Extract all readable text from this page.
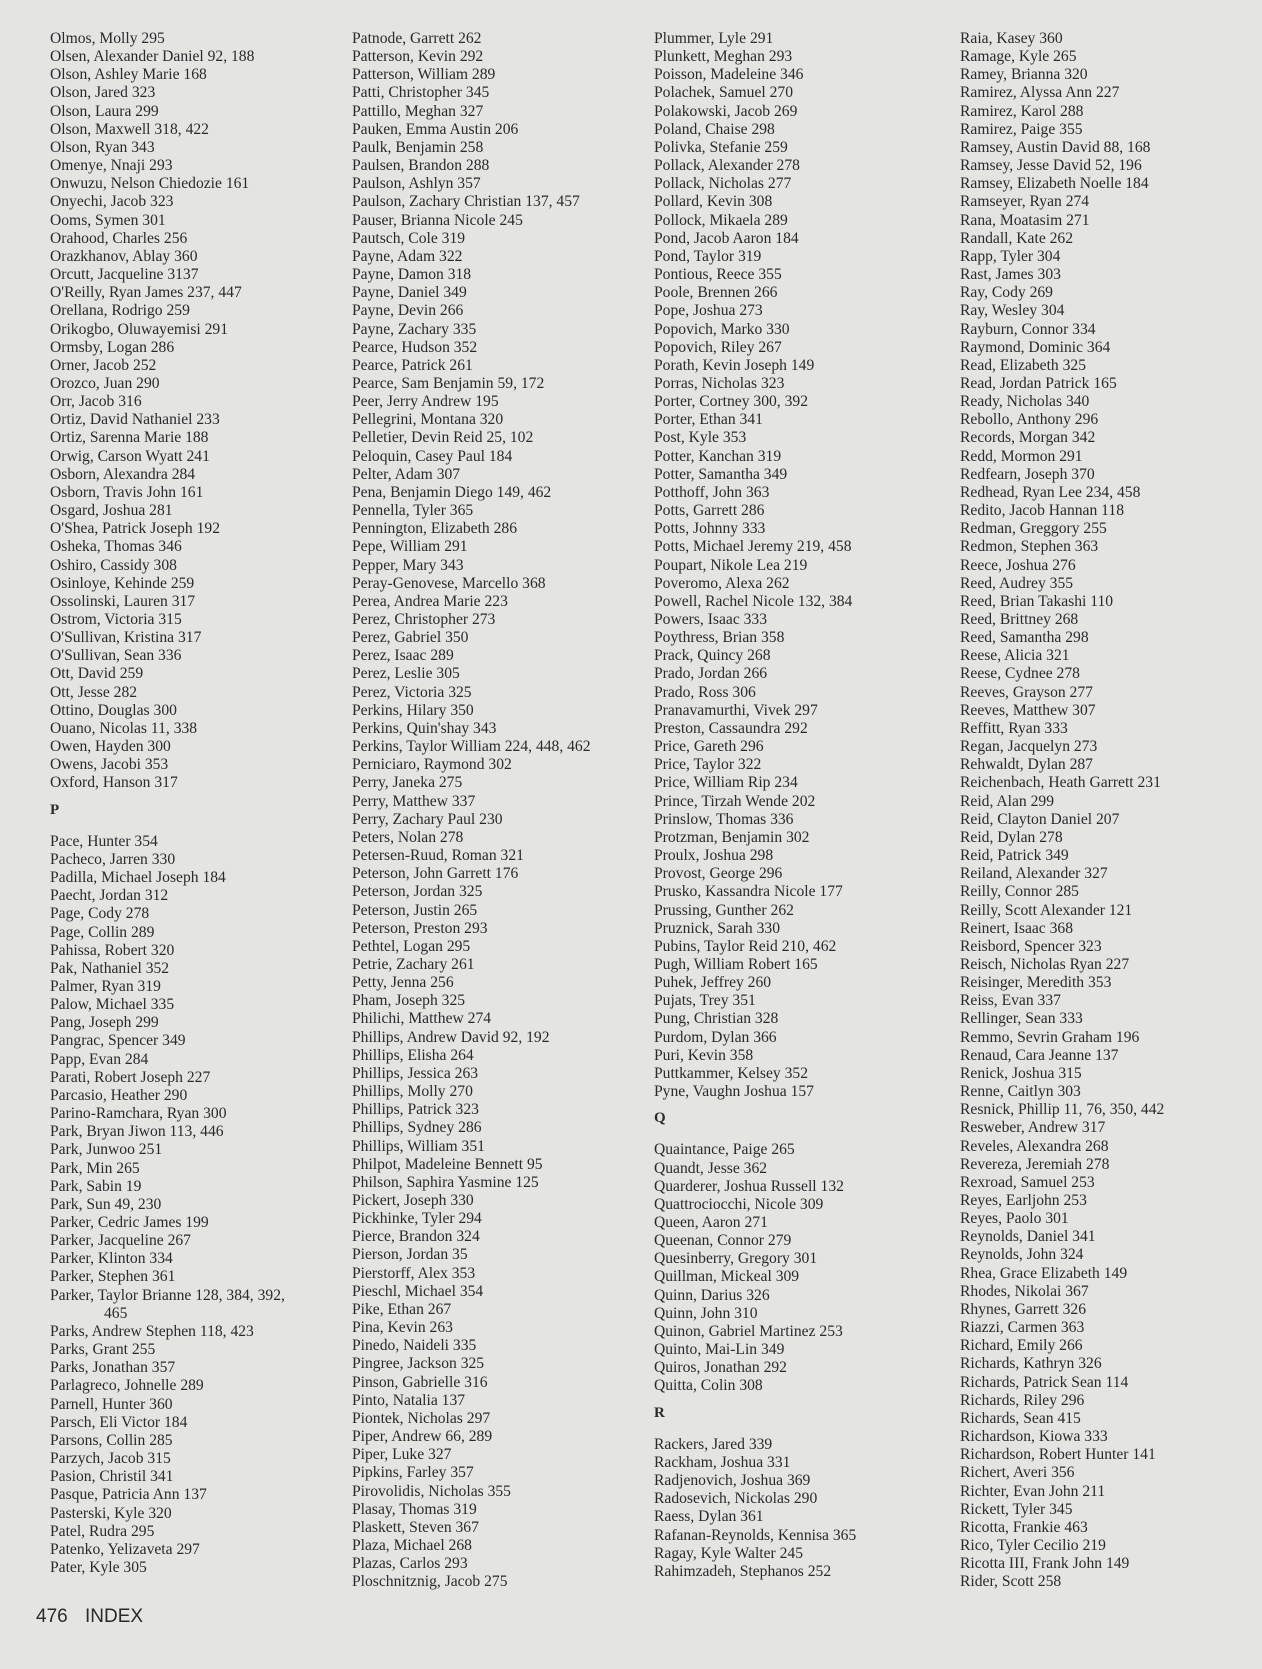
Olmos, Molly 295
Olsen, Alexander Daniel 92, 188
Olson, Ashley Marie 168
Olson, Jared 323
Olson, Laura 299
Olson, Maxwell 318, 422
Olson, Ryan 343
Omenye, Nnaji 293
Onwuzu, Nelson Chiedozie 161
Onyechi, Jacob 323
Ooms, Symen 301
Orahood, Charles 256
Orazkhanov, Ablay 360
Orcutt, Jacqueline 3137
O'Reilly, Ryan James 237, 447
Orellana, Rodrigo 259
Orikogbo, Oluwayemisi 291
Ormsby, Logan 286
Orner, Jacob 252
Orozco, Juan 290
Orr, Jacob 316
Ortiz, David Nathaniel 233
Ortiz, Sarenna Marie 188
Orwig, Carson Wyatt 241
Osborn, Alexandra 284
Osborn, Travis John 161
Osgard, Joshua 281
O'Shea, Patrick Joseph 192
Osheka, Thomas 346
Oshiro, Cassidy 308
Osinloye, Kehinde 259
Ossolinski, Lauren 317
Ostrom, Victoria 315
O'Sullivan, Kristina 317
O'Sullivan, Sean 336
Ott, David 259
Ott, Jesse 282
Ottino, Douglas 300
Ouano, Nicolas 11, 338
Owen, Hayden 300
Owens, Jacobi 353
Oxford, Hanson 317
P
Pace, Hunter 354
Pacheco, Jarren 330
Padilla, Michael Joseph 184
Paecht, Jordan 312
Page, Cody 278
Page, Collin 289
Pahissa, Robert 320
Pak, Nathaniel 352
Palmer, Ryan 319
Palow, Michael 335
Pang, Joseph 299
Pangrac, Spencer 349
Papp, Evan 284
Parati, Robert Joseph 227
Parcasio, Heather 290
Parino-Ramchara, Ryan 300
Park, Bryan Jiwon 113, 446
Park, Junwoo 251
Park, Min 265
Park, Sabin 19
Park, Sun 49, 230
Parker, Cedric James 199
Parker, Jacqueline 267
Parker, Klinton 334
Parker, Stephen 361
Parker, Taylor Brianne 128, 384, 392,
465
Parks, Andrew Stephen 118, 423
Parks, Grant 255
Parks, Jonathan 357
Parlagreco, Johnelle 289
Parnell, Hunter 360
Parsch, Eli Victor 184
Parsons, Collin 285
Parzych, Jacob 315
Pasion, Christil 341
Pasque, Patricia Ann 137
Pasterski, Kyle 320
Patel, Rudra 295
Patenko, Yelizaveta 297
Pater, Kyle 305
Patnode, Garrett 262
Patterson, Kevin 292
Patterson, William 289
Patti, Christopher 345
Pattillo, Meghan 327
Pauken, Emma Austin 206
Paulk, Benjamin 258
Paulsen, Brandon 288
Paulson, Ashlyn 357
Paulson, Zachary Christian 137, 457
Pauser, Brianna Nicole 245
Pautsch, Cole 319
Payne, Adam 322
Payne, Damon 318
Payne, Daniel 349
Payne, Devin 266
Payne, Zachary 335
Pearce, Hudson 352
Pearce, Patrick 261
Pearce, Sam Benjamin 59, 172
Peer, Jerry Andrew 195
Pellegrini, Montana 320
Pelletier, Devin Reid 25, 102
Peloquin, Casey Paul 184
Pelter, Adam 307
Pena, Benjamin Diego 149, 462
Pennella, Tyler 365
Pennington, Elizabeth 286
Pepe, William 291
Pepper, Mary 343
Peray-Genovese, Marcello 368
Perea, Andrea Marie 223
Perez, Christopher 273
Perez, Gabriel 350
Perez, Isaac 289
Perez, Leslie 305
Perez, Victoria 325
Perkins, Hilary 350
Perkins, Quin'shay 343
Perkins, Taylor William 224, 448, 462
Perniciaro, Raymond 302
Perry, Janeka 275
Perry, Matthew 337
Perry, Zachary Paul 230
Peters, Nolan 278
Petersen-Ruud, Roman 321
Peterson, John Garrett 176
Peterson, Jordan 325
Peterson, Justin 265
Peterson, Preston 293
Pethtel, Logan 295
Petrie, Zachary 261
Petty, Jenna 256
Pham, Joseph 325
Philichi, Matthew 274
Phillips, Andrew David 92, 192
Phillips, Elisha 264
Phillips, Jessica 263
Phillips, Molly 270
Phillips, Patrick 323
Phillips, Sydney 286
Phillips, William 351
Philpot, Madeleine Bennett 95
Philson, Saphira Yasmine 125
Pickert, Joseph 330
Pickhinke, Tyler 294
Pierce, Brandon 324
Pierson, Jordan 35
Pierstorff, Alex 353
Pieschl, Michael 354
Pike, Ethan 267
Pina, Kevin 263
Pinedo, Naideli 335
Pingree, Jackson 325
Pinson, Gabrielle 316
Pinto, Natalia 137
Piontek, Nicholas 297
Piper, Andrew 66, 289
Piper, Luke 327
Pipkins, Farley 357
Pirovolidis, Nicholas 355
Plasay, Thomas 319
Plaskett, Steven 367
Plaza, Michael 268
Plazas, Carlos 293
Ploschnitznig, Jacob 275
Plummer, Lyle 291
Plunkett, Meghan 293
Poisson, Madeleine 346
Polachek, Samuel 270
Polakowski, Jacob 269
Poland, Chaise 298
Polivka, Stefanie 259
Pollack, Alexander 278
Pollack, Nicholas 277
Pollard, Kevin 308
Pollock, Mikaela 289
Pond, Jacob Aaron 184
Pond, Taylor 319
Pontious, Reece 355
Poole, Brennen 266
Pope, Joshua 273
Popovich, Marko 330
Popovich, Riley 267
Porath, Kevin Joseph 149
Porras, Nicholas 323
Porter, Cortney 300, 392
Porter, Ethan 341
Post, Kyle 353
Potter, Kanchan 319
Potter, Samantha 349
Potthoff, John 363
Potts, Garrett 286
Potts, Johnny 333
Potts, Michael Jeremy 219, 458
Poupart, Nikole Lea 219
Poveromo, Alexa 262
Powell, Rachel Nicole 132, 384
Powers, Isaac 333
Poythress, Brian 358
Prack, Quincy 268
Prado, Jordan 266
Prado, Ross 306
Pranavamurthi, Vivek 297
Preston, Cassaundra 292
Price, Gareth 296
Price, Taylor 322
Price, William Rip 234
Prince, Tirzah Wende 202
Prinslow, Thomas 336
Protzman, Benjamin 302
Proulx, Joshua 298
Provost, George 296
Prusko, Kassandra Nicole 177
Prussing, Gunther 262
Pruznick, Sarah 330
Pubins, Taylor Reid 210, 462
Pugh, William Robert 165
Puhek, Jeffrey 260
Pujats, Trey 351
Pung, Christian 328
Purdom, Dylan 366
Puri, Kevin 358
Puttkammer, Kelsey 352
Pyne, Vaughn Joshua 157
Q
Quaintance, Paige 265
Quandt, Jesse 362
Quarderer, Joshua Russell 132
Quattrociocchi, Nicole 309
Queen, Aaron 271
Queenan, Connor 279
Quesinberry, Gregory 301
Quillman, Mickeal 309
Quinn, Darius 326
Quinn, John 310
Quinon, Gabriel Martinez 253
Quinto, Mai-Lin 349
Quiros, Jonathan 292
Quitta, Colin 308
R
Rackers, Jared 339
Rackham, Joshua 331
Radjenovich, Joshua 369
Radosevich, Nickolas 290
Raess, Dylan 361
Rafanan-Reynolds, Kennisa 365
Ragay, Kyle Walter 245
Rahimzadeh, Stephanos 252
Raia, Kasey 360
Ramage, Kyle 265
Ramey, Brianna 320
Ramirez, Alyssa Ann 227
Ramirez, Karol 288
Ramirez, Paige 355
Ramsey, Austin David 88, 168
Ramsey, Jesse David 52, 196
Ramsey, Elizabeth Noelle 184
Ramseyer, Ryan 274
Rana, Moatasim 271
Randall, Kate 262
Rapp, Tyler 304
Rast, James 303
Ray, Cody 269
Ray, Wesley 304
Rayburn, Connor 334
Raymond, Dominic 364
Read, Elizabeth 325
Read, Jordan Patrick 165
Ready, Nicholas 340
Rebollo, Anthony 296
Records, Morgan 342
Redd, Mormon 291
Redfearn, Joseph 370
Redhead, Ryan Lee 234, 458
Redito, Jacob Hannan 118
Redman, Greggory 255
Redmon, Stephen 363
Reece, Joshua 276
Reed, Audrey 355
Reed, Brian Takashi 110
Reed, Brittney 268
Reed, Samantha 298
Reese, Alicia 321
Reese, Cydnee 278
Reeves, Grayson 277
Reeves, Matthew 307
Reffitt, Ryan 333
Regan, Jacquelyn 273
Rehwaldt, Dylan 287
Reichenbach, Heath Garrett 231
Reid, Alan 299
Reid, Clayton Daniel 207
Reid, Dylan 278
Reid, Patrick 349
Reiland, Alexander 327
Reilly, Connor 285
Reilly, Scott Alexander 121
Reinert, Isaac 368
Reisbord, Spencer 323
Reisch, Nicholas Ryan 227
Reisinger, Meredith 353
Reiss, Evan 337
Rellinger, Sean 333
Remmo, Sevrin Graham 196
Renaud, Cara Jeanne 137
Renick, Joshua 315
Renne, Caitlyn 303
Resnick, Phillip 11, 76, 350, 442
Resweber, Andrew 317
Reveles, Alexandra 268
Revereza, Jeremiah 278
Rexroad, Samuel 253
Reyes, Earljohn 253
Reyes, Paolo 301
Reynolds, Daniel 341
Reynolds, John 324
Rhea, Grace Elizabeth 149
Rhodes, Nikolai 367
Rhynes, Garrett 326
Riazzi, Carmen 363
Richard, Emily 266
Richards, Kathryn 326
Richards, Patrick Sean 114
Richards, Riley 296
Richards, Sean 415
Richardson, Kiowa 333
Richardson, Robert Hunter 141
Richert, Averi 356
Richter, Evan John 211
Rickett, Tyler 345
Ricotta, Frankie 463
Rico, Tyler Cecilio 219
Ricotta III, Frank John 149
Rider, Scott 258
476 INDEX
